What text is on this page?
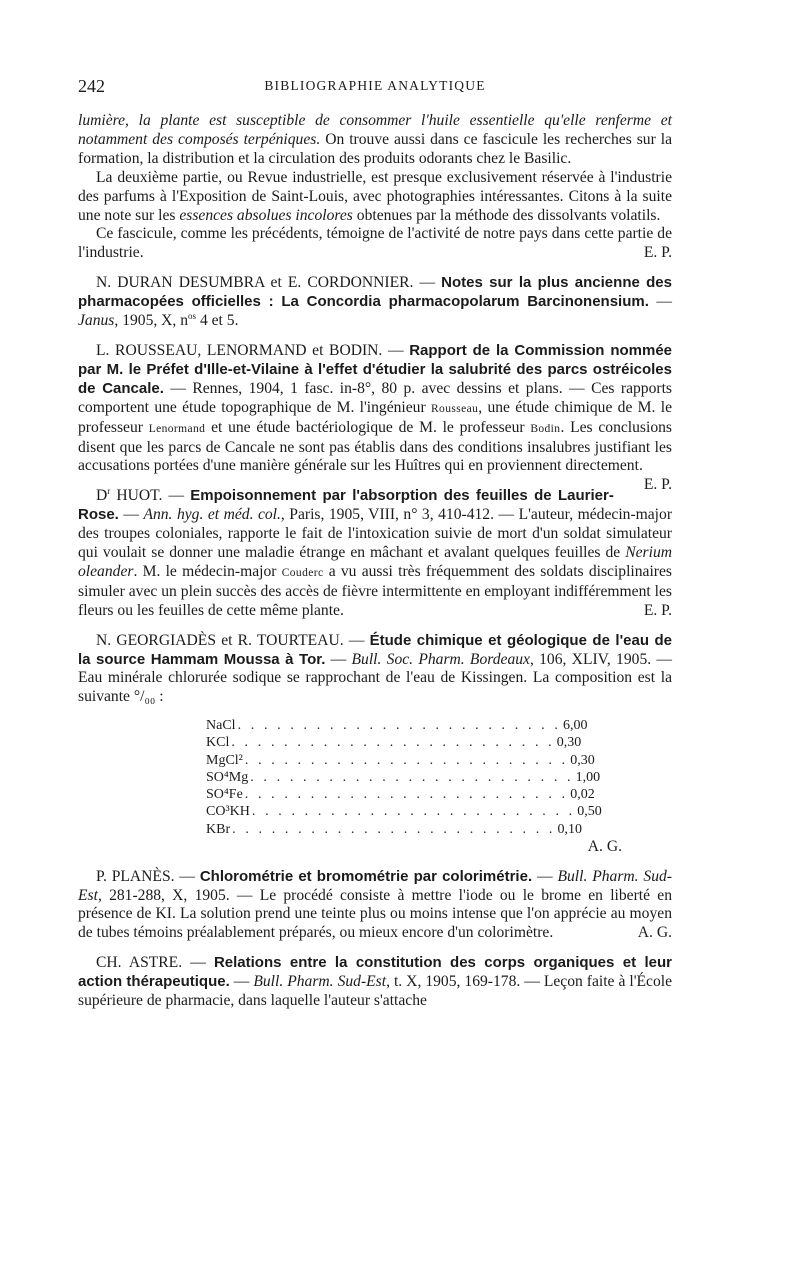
242	BIBLIOGRAPHIE ANALYTIQUE

lumière, la plante est susceptible de consommer l'huile essentielle qu'elle renferme et notamment des composés terpéniques. On trouve aussi dans ce fascicule les recherches sur la formation, la distribution et la circulation des produits odorants chez le Basilic.

La deuxième partie, ou Revue industrielle, est presque exclusivement réservée à l'industrie des parfums à l'Exposition de Saint-Louis, avec photographies intéressantes. Citons à la suite une note sur les essences absolues incolores obtenues par la méthode des dissolvants volatils.

Ce fascicule, comme les précédents, témoigne de l'activité de notre pays dans cette partie de l'industrie.	E. P.

N. DURAN DESUMBRA et E. CORDONNIER. — Notes sur la plus ancienne des pharmacopées officielles : La Concordia pharmacopolarum Barcinonensium. — Janus, 1905, X, $n^{os}$ 4 et 5.

L. ROUSSEAU, LENORMAND et BODIN. — Rapport de la Commission nommée par M. le Préfet d'Ille-et-Vilaine à l'effet d'étudier la salubrité des parcs ostréicoles de Cancale. — Rennes, 1904, 1 fasc. in-8°, 80 p. avec dessins et plans. — Ces rapports comportent une étude topographique de M. l'ingénieur Rousseau, une étude chimique de M. le professeur Lenormand et une étude bactériologique de M. le professeur Bodin. Les conclusions disent que les parcs de Cancale ne sont pas établis dans des conditions insalubres justifiant les accusations portées d'une manière générale sur les Huîtres qui en proviennent directement.
E. P.

$D^r$ HUOT. — Empoisonnement par l'absorption des feuilles de Laurier-Rose. — Ann. hyg. et méd. col., Paris, 1905, VIII, n° 3, 410-412. — L'auteur, médecin-major des troupes coloniales, rapporte le fait de l'intoxication suivie de mort d'un soldat simulateur qui voulait se donner une maladie étrange en mâchant et avalant quelques feuilles de Nerium oleander. M. le médecin-major Couderc a vu aussi très fréquemment des soldats disciplinaires simuler avec un plein succès des accès de fièvre intermittente en employant indifféremment les fleurs ou les feuilles de cette même plante.	E. P.

N. GEORGIADÈS et R. TOURTEAU. — Étude chimique et géologique de l'eau de la source Hammam Moussa à Tor. — Bull. Soc. Pharm. Bordeaux, 106, XLIV, 1905. — Eau minérale chlorurée sodique se rapprochant de l'eau de Kissingen. La composition est la suivante °/₀₀ :

NaCl . . . . . . . . . . . . . . . . . . . . . . . . . 6,00
KCl . . . . . . . . . . . . . . . . . . . . . . . . . 0,30
MgCl² . . . . . . . . . . . . . . . . . . . . . . . . . 0,30
SO⁴Mg . . . . . . . . . . . . . . . . . . . . . . . . . 1,00
SO⁴Fe . . . . . . . . . . . . . . . . . . . . . . . . . 0,02
CO³KH . . . . . . . . . . . . . . . . . . . . . . . . . 0,50
KBr . . . . . . . . . . . . . . . . . . . . . . . . . 0,10
A. G.

P. PLANÈS. — Chlorométrie et bromométrie par colorimétrie. — Bull. Pharm. Sud-Est, 281-288, X, 1905. — Le procédé consiste à mettre l'iode ou le brome en liberté en présence de KI. La solution prend une teinte plus ou moins intense que l'on apprécie au moyen de tubes témoins préalablement préparés, ou mieux encore d'un colorimètre.	A. G.

CH. ASTRE. — Relations entre la constitution des corps organiques et leur action thérapeutique. — Bull. Pharm. Sud-Est, t. X, 1905, 169-178. — Leçon faite à l'École supérieure de pharmacie, dans laquelle l'auteur s'attache
